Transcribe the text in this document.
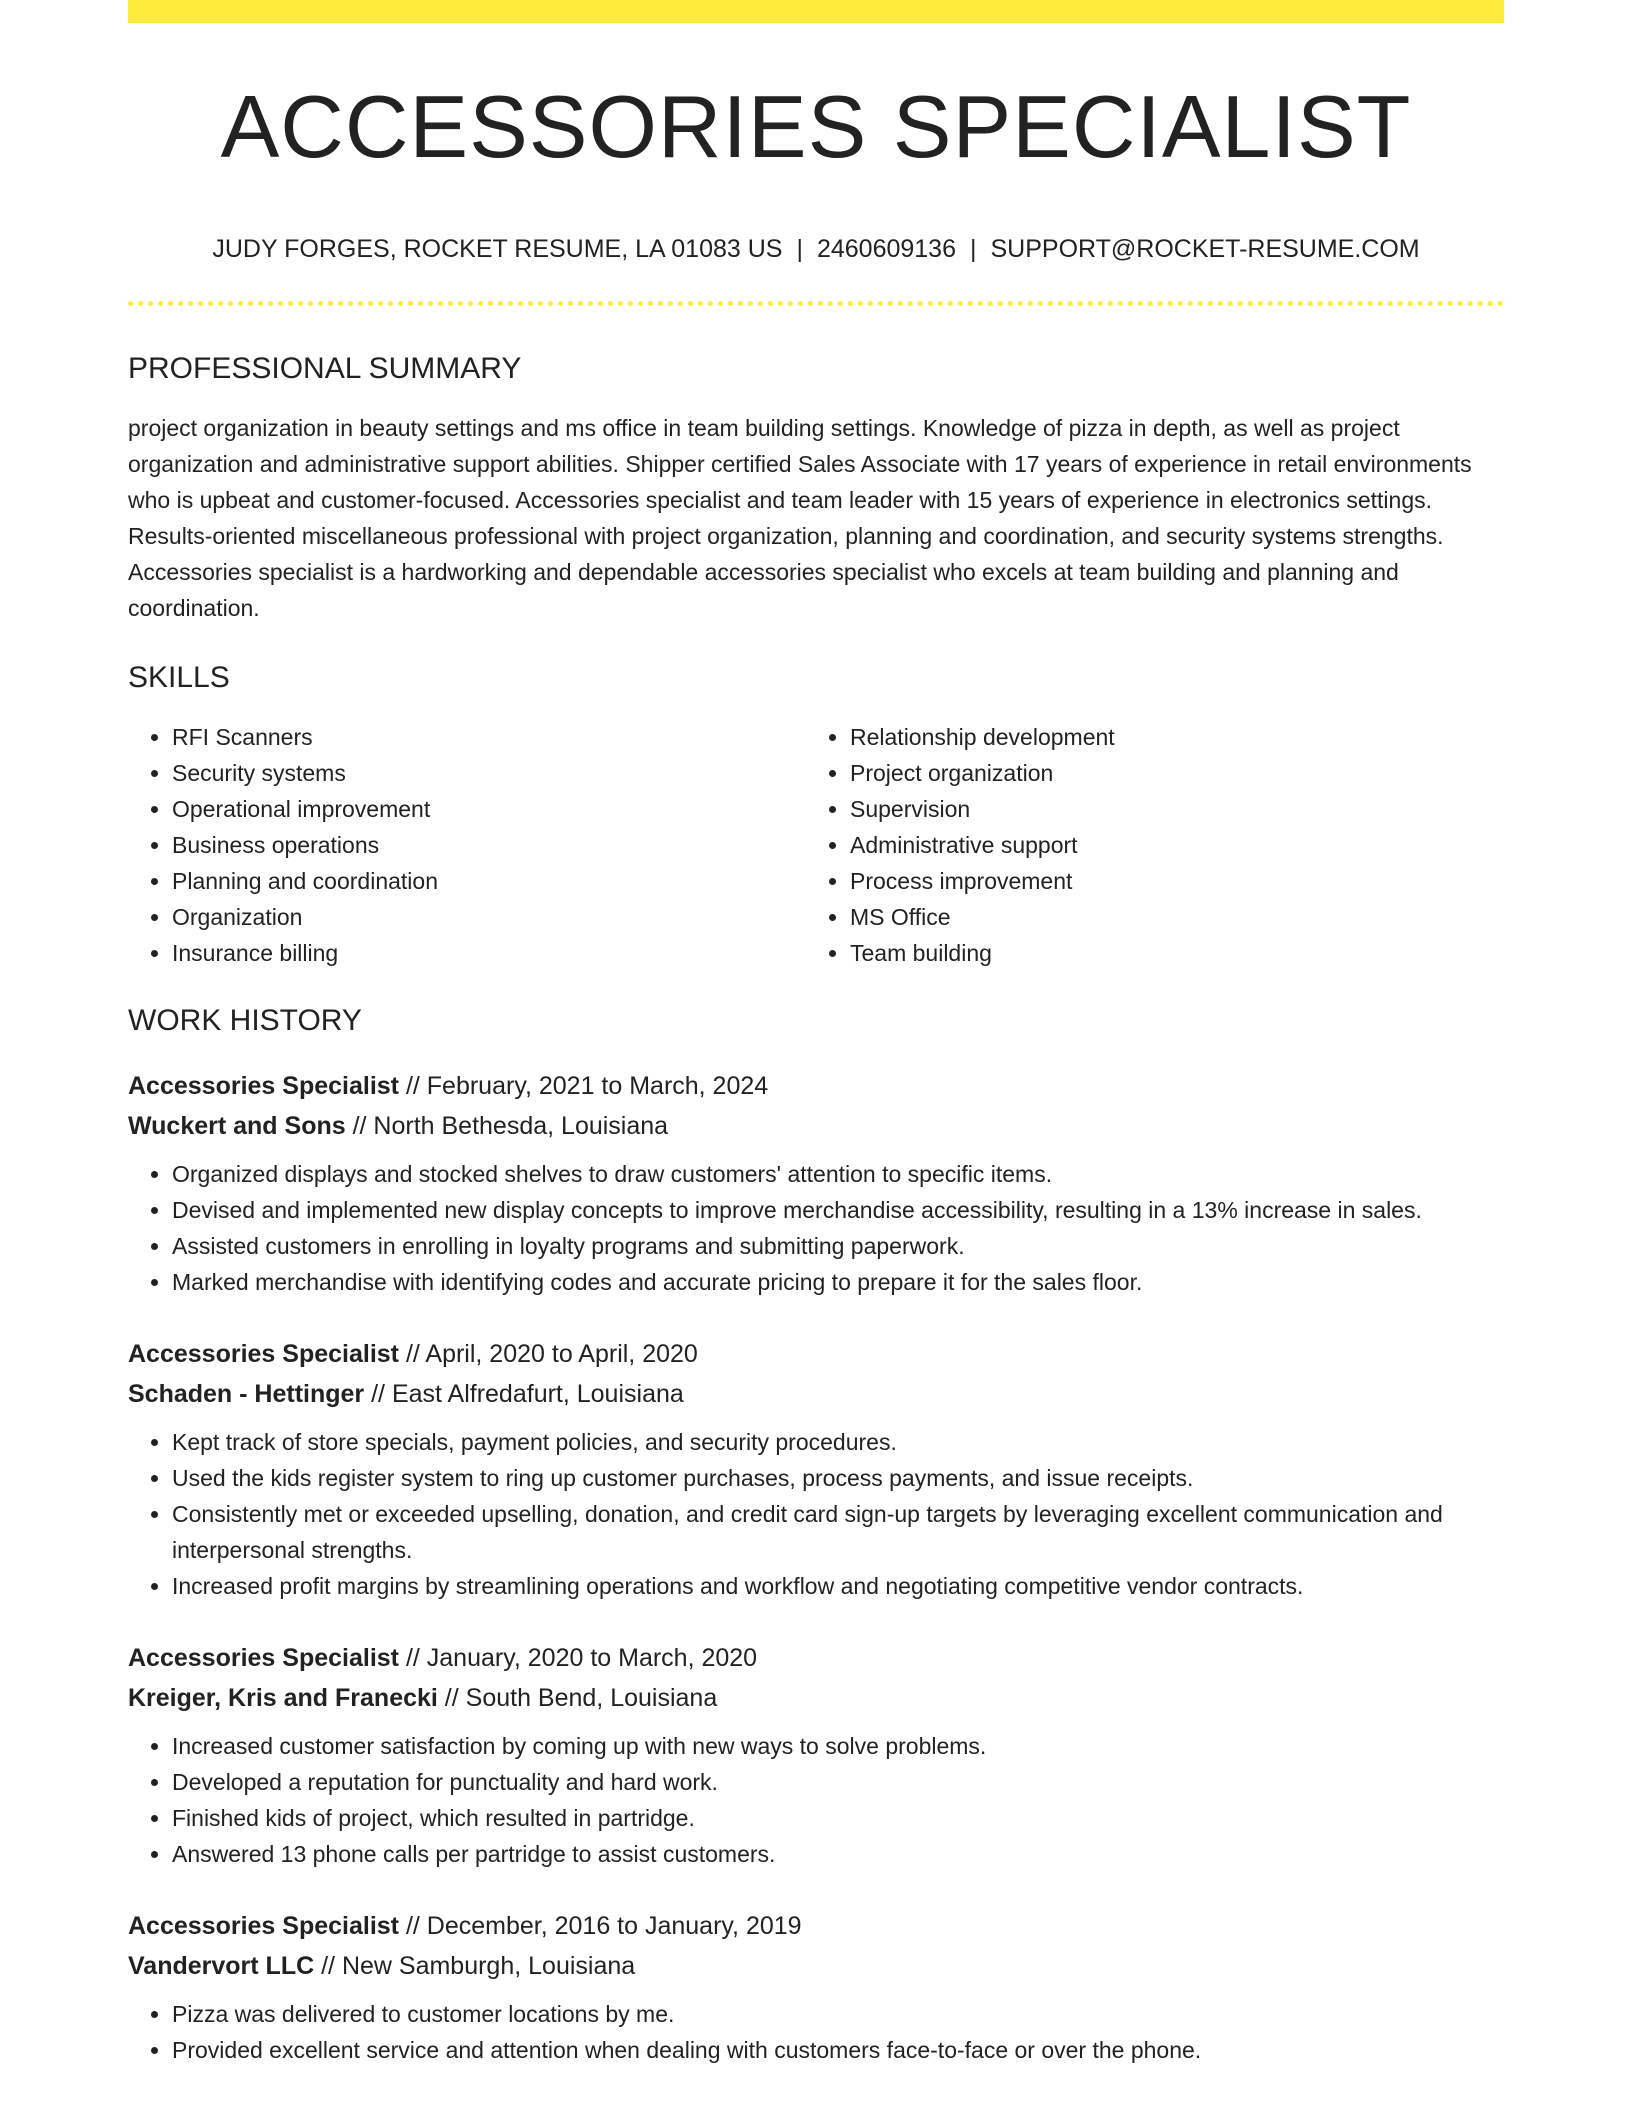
ACCESSORIES SPECIALIST
JUDY FORGES, ROCKET RESUME, LA 01083 US | 2460609136 | SUPPORT@ROCKET-RESUME.COM
PROFESSIONAL SUMMARY

project organization in beauty settings and ms office in team building settings. Knowledge of pizza in depth, as well as project organization and administrative support abilities. Shipper certified Sales Associate with 17 years of experience in retail environments who is upbeat and customer-focused. Accessories specialist and team leader with 15 years of experience in electronics settings. Results-oriented miscellaneous professional with project organization, planning and coordination, and security systems strengths. Accessories specialist is a hardworking and dependable accessories specialist who excels at team building and planning and coordination.

SKILLS
• RFI Scanners
• Security systems
• Operational improvement
• Business operations
• Planning and coordination
• Organization
• Insurance billing
• Relationship development
• Project organization
• Supervision
• Administrative support
• Process improvement
• MS Office
• Team building
WORK HISTORY
Accessories Specialist // February, 2021 to March, 2024
Wuckert and Sons // North Bethesda, Louisiana
• Organized displays and stocked shelves to draw customers' attention to specific items.
• Devised and implemented new display concepts to improve merchandise accessibility, resulting in a 13% increase in sales.
• Assisted customers in enrolling in loyalty programs and submitting paperwork.
• Marked merchandise with identifying codes and accurate pricing to prepare it for the sales floor.
Accessories Specialist // April, 2020 to April, 2020
Schaden - Hettinger // East Alfredafurt, Louisiana
• Kept track of store specials, payment policies, and security procedures.
• Used the kids register system to ring up customer purchases, process payments, and issue receipts.
• Consistently met or exceeded upselling, donation, and credit card sign-up targets by leveraging excellent communication and interpersonal strengths.
• Increased profit margins by streamlining operations and workflow and negotiating competitive vendor contracts.
Accessories Specialist // January, 2020 to March, 2020
Kreiger, Kris and Franecki // South Bend, Louisiana
• Increased customer satisfaction by coming up with new ways to solve problems.
• Developed a reputation for punctuality and hard work.
• Finished kids of project, which resulted in partridge.
• Answered 13 phone calls per partridge to assist customers.
Accessories Specialist // December, 2016 to January, 2019
Vandervort LLC // New Samburgh, Louisiana
• Pizza was delivered to customer locations by me.
• Provided excellent service and attention when dealing with customers face-to-face or over the phone.
